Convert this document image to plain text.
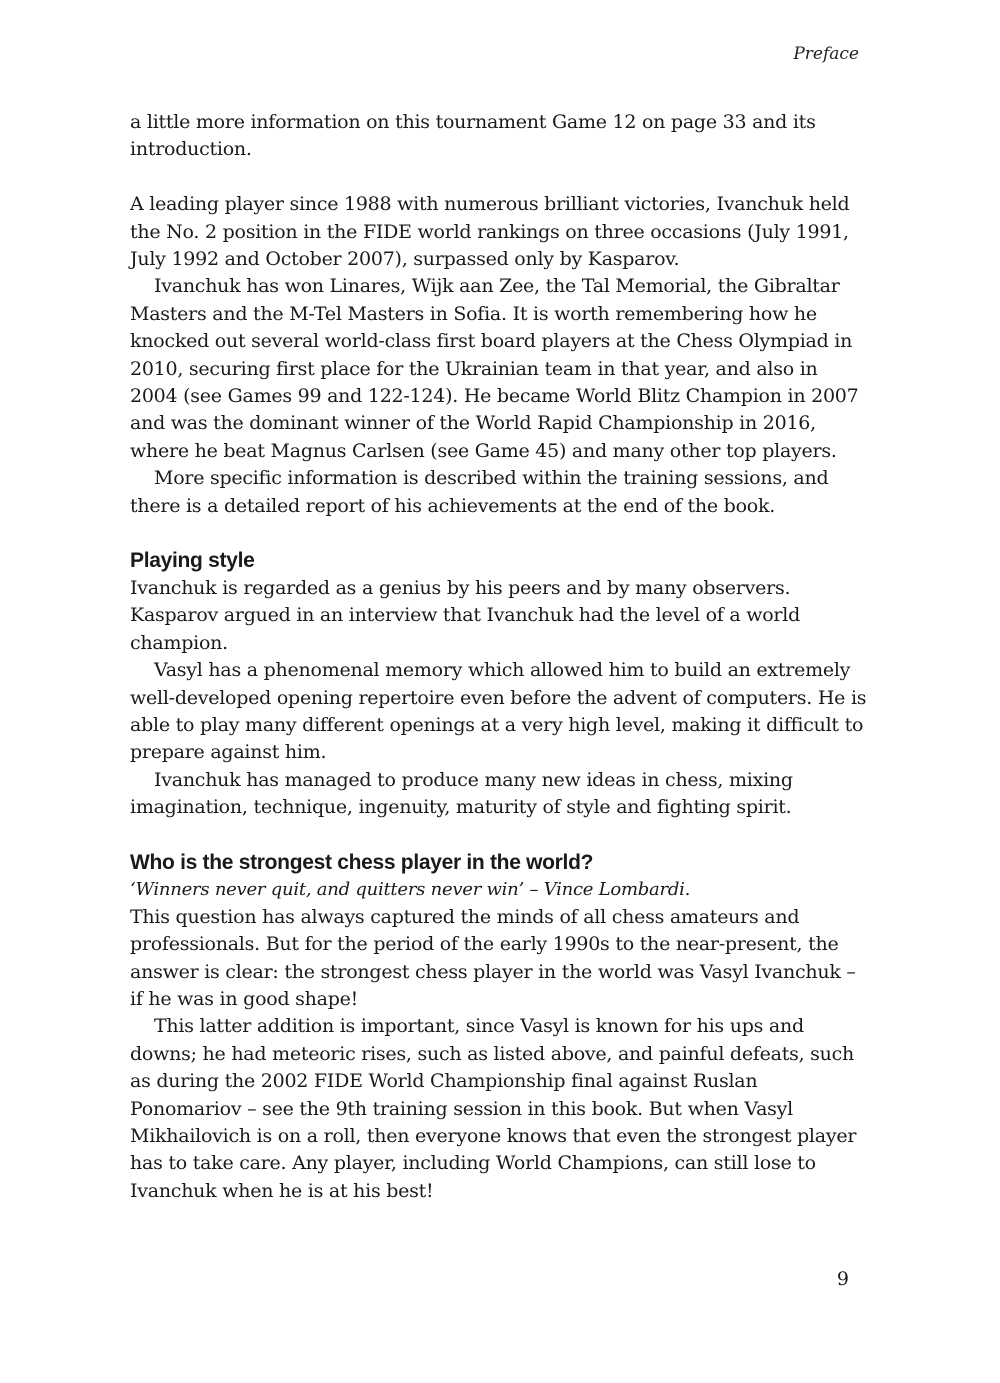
Preface

a little more information on this tournament Game 12 on page 33 and its introduction.

A leading player since 1988 with numerous brilliant victories, Ivanchuk held the No. 2 position in the FIDE world rankings on three occasions (July 1991, July 1992 and October 2007), surpassed only by Kasparov.

Ivanchuk has won Linares, Wijk aan Zee, the Tal Memorial, the Gibraltar Masters and the M-Tel Masters in Sofia. It is worth remembering how he knocked out several world-class first board players at the Chess Olympiad in 2010, securing first place for the Ukrainian team in that year, and also in 2004 (see Games 99 and 122-124). He became World Blitz Champion in 2007 and was the dominant winner of the World Rapid Championship in 2016, where he beat Magnus Carlsen (see Game 45) and many other top players.

More specific information is described within the training sessions, and there is a detailed report of his achievements at the end of the book.

Playing style

Ivanchuk is regarded as a genius by his peers and by many observers. Kasparov argued in an interview that Ivanchuk had the level of a world champion.

Vasyl has a phenomenal memory which allowed him to build an extremely well-developed opening repertoire even before the advent of computers. He is able to play many different openings at a very high level, making it difficult to prepare against him.

Ivanchuk has managed to produce many new ideas in chess, mixing imagination, technique, ingenuity, maturity of style and fighting spirit.

Who is the strongest chess player in the world?

‘Winners never quit, and quitters never win’ – Vince Lombardi.

This question has always captured the minds of all chess amateurs and professionals. But for the period of the early 1990s to the near-present, the answer is clear: the strongest chess player in the world was Vasyl Ivanchuk – if he was in good shape!

This latter addition is important, since Vasyl is known for his ups and downs; he had meteoric rises, such as listed above, and painful defeats, such as during the 2002 FIDE World Championship final against Ruslan Ponomariov – see the 9th training session in this book. But when Vasyl Mikhailovich is on a roll, then everyone knows that even the strongest player has to take care. Any player, including World Champions, can still lose to Ivanchuk when he is at his best!

9
